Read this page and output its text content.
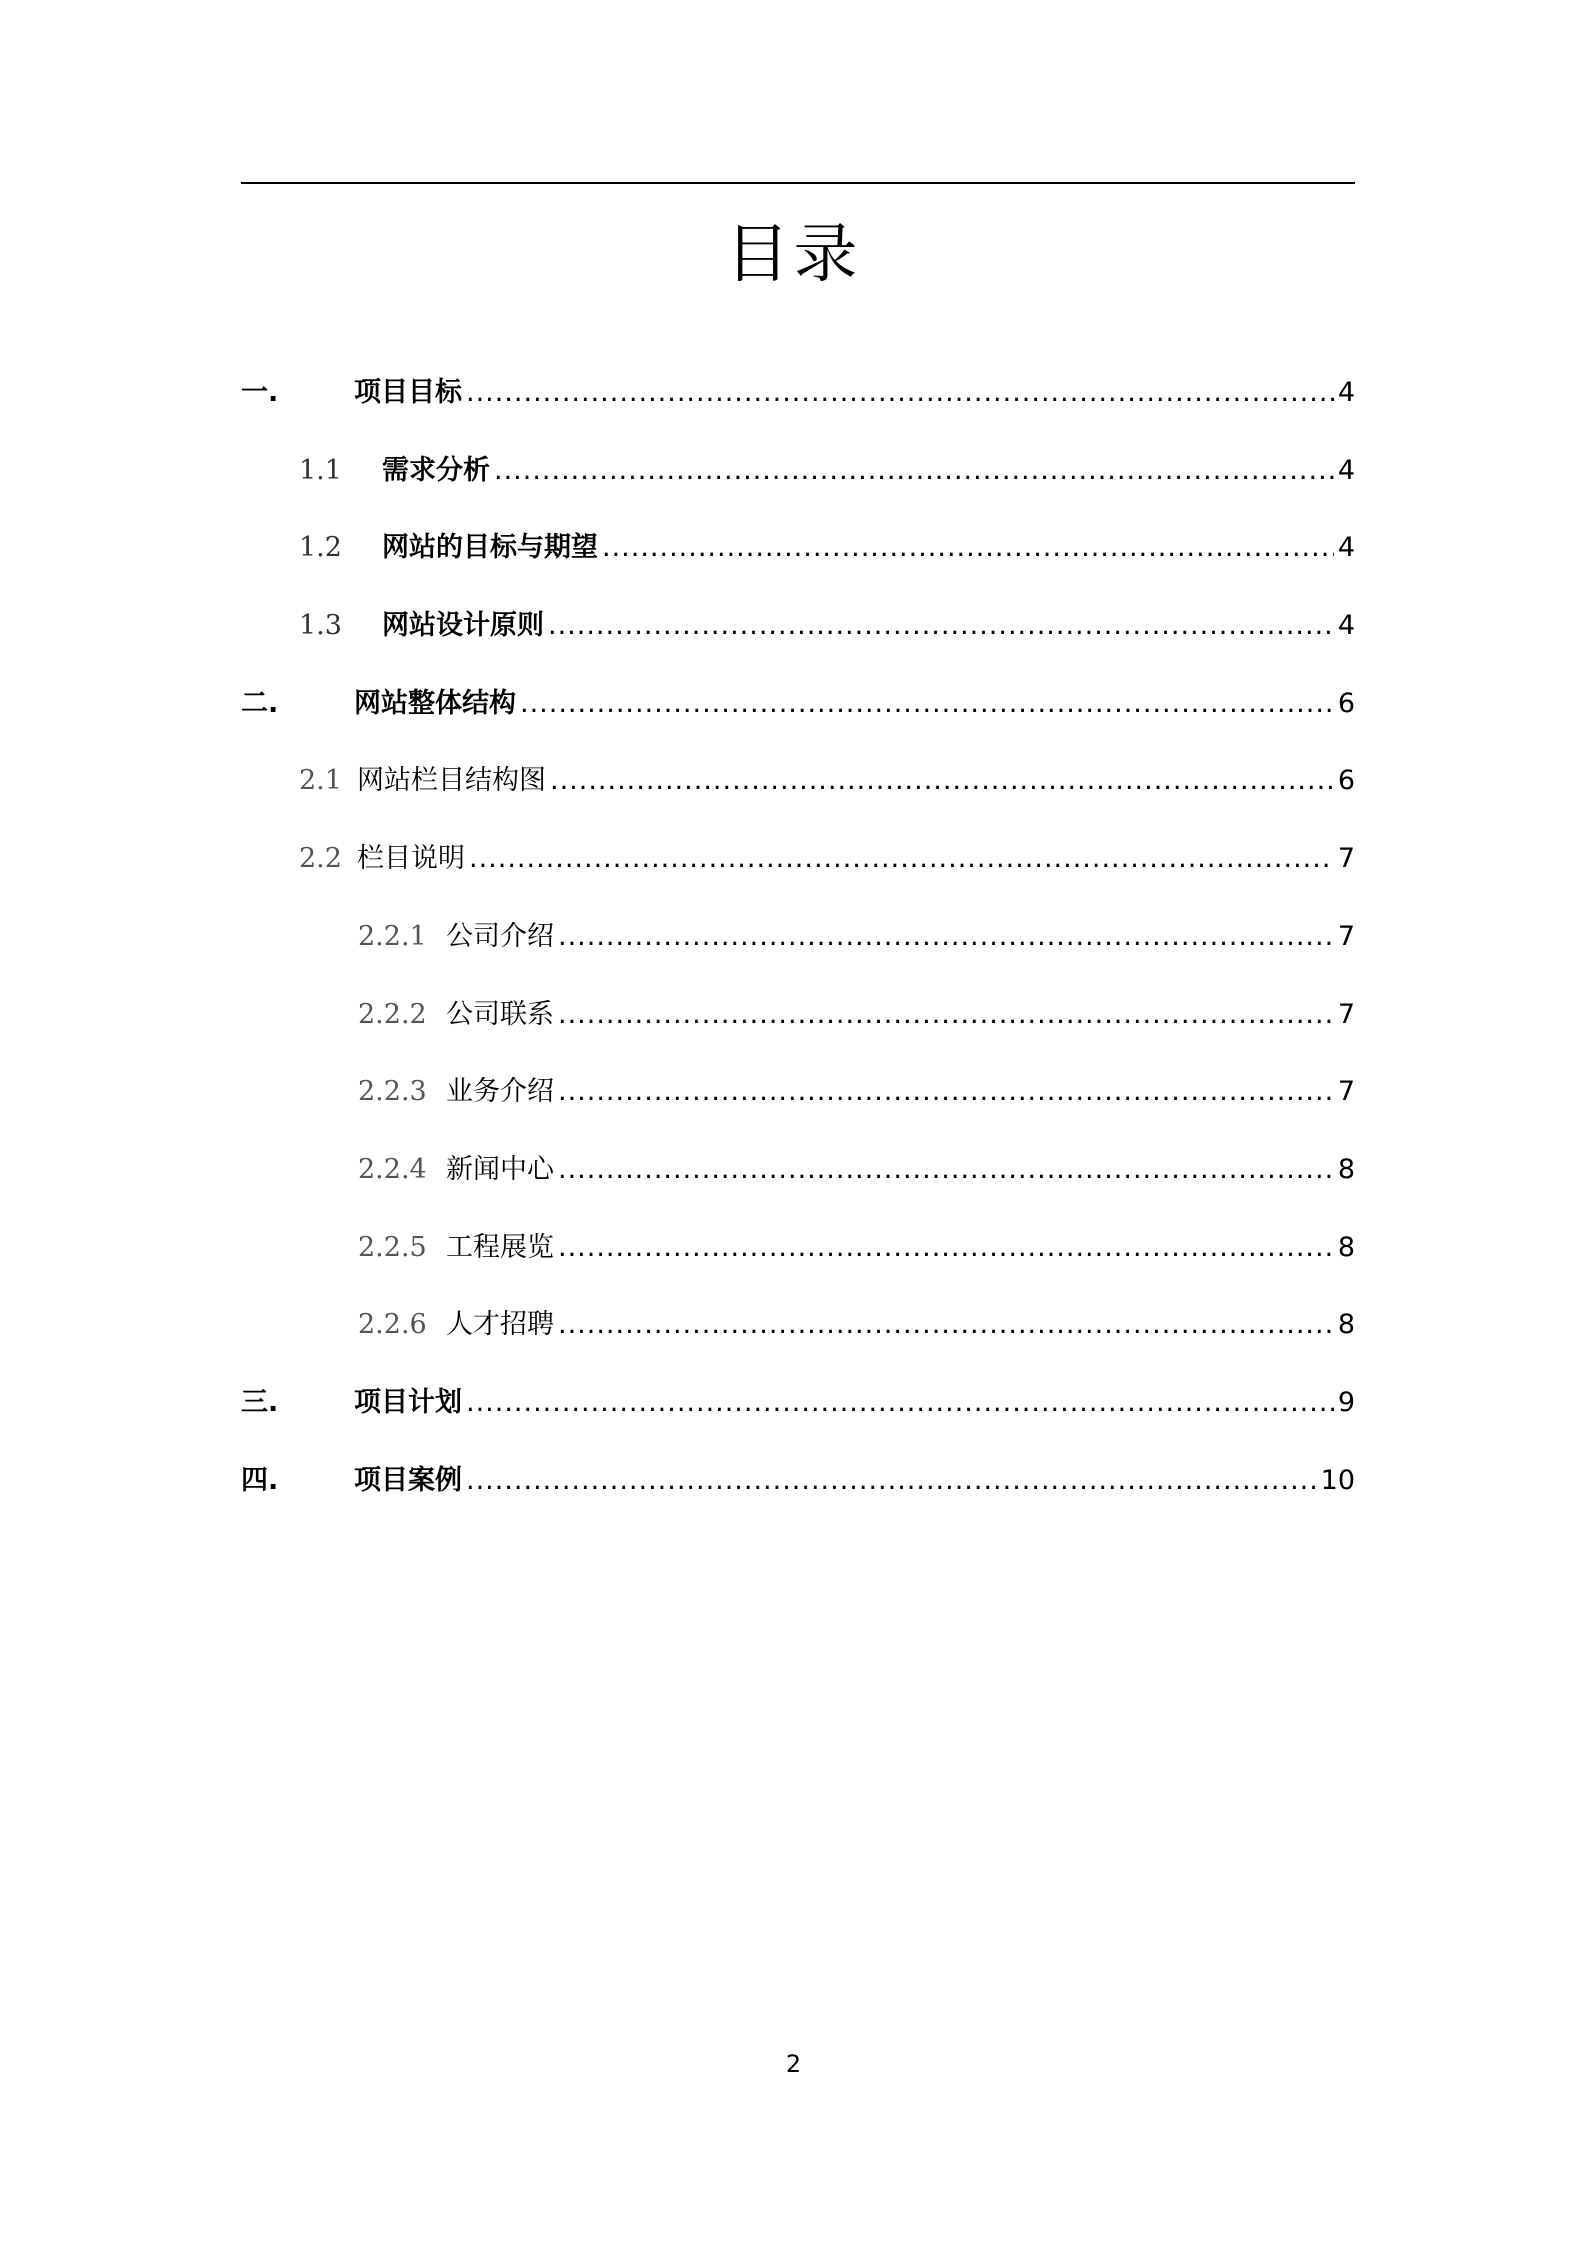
目录
一.	项目目标 .....	4
1.1	需求分析 .....	4
1.2	网站的目标与期望 .....	4
1.3	网站设计原则 .....	4
二.	网站整体结构 .....	6
2.1 网站栏目结构图 .....	6
2.2 栏目说明 .....	7
2.2.1 公司介绍 .....	7
2.2.2 公司联系 .....	7
2.2.3 业务介绍 .....	7
2.2.4 新闻中心 .....	8
2.2.5 工程展览 .....	8
2.2.6 人才招聘 .....	8
三.	项目计划 .....	9
四.	项目案例 .....	10
2
